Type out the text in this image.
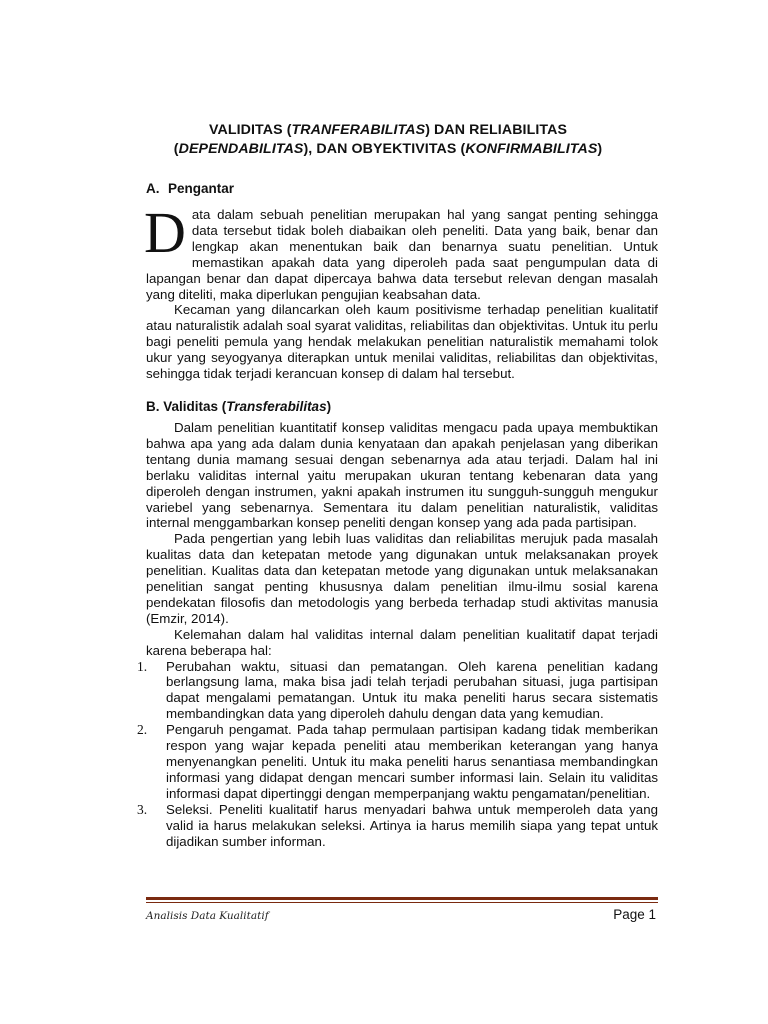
VALIDITAS (TRANFERABILITAS) DAN RELIABILITAS
(DEPENDABILITAS), DAN OBYEKTIVITAS (KONFIRMABILITAS)
A. Pengantar

Data dalam sebuah penelitian merupakan hal yang sangat penting sehingga data tersebut tidak boleh diabaikan oleh peneliti. Data yang baik, benar dan lengkap akan menentukan baik dan benarnya suatu penelitian. Untuk memastikan apakah data yang diperoleh pada saat pengumpulan data di lapangan benar dan dapat dipercaya bahwa data tersebut relevan dengan masalah yang diteliti, maka diperlukan pengujian keabsahan data.

Kecaman yang dilancarkan oleh kaum positivisme terhadap penelitian kualitatif atau naturalistik adalah soal syarat validitas, reliabilitas dan objektivitas. Untuk itu perlu bagi peneliti pemula yang hendak melakukan penelitian naturalistik memahami tolok ukur yang seyogyanya diterapkan untuk menilai validitas, reliabilitas dan objektivitas, sehingga tidak terjadi kerancuan konsep di dalam hal tersebut.

B. Validitas (Transferabilitas)

Dalam penelitian kuantitatif konsep validitas mengacu pada upaya membuktikan bahwa apa yang ada dalam dunia kenyataan dan apakah penjelasan yang diberikan tentang dunia mamang sesuai dengan sebenarnya ada atau terjadi. Dalam hal ini berlaku validitas internal yaitu merupakan ukuran tentang kebenaran data yang diperoleh dengan instrumen, yakni apakah instrumen itu sungguh-sungguh mengukur variebel yang sebenarnya. Sementara itu dalam penelitian naturalistik, validitas internal menggambarkan konsep peneliti dengan konsep yang ada pada partisipan.

Pada pengertian yang lebih luas validitas dan reliabilitas merujuk pada masalah kualitas data dan ketepatan metode yang digunakan untuk melaksanakan proyek penelitian. Kualitas data dan ketepatan metode yang digunakan untuk melaksanakan penelitian sangat penting khususnya dalam penelitian ilmu-ilmu sosial karena pendekatan filosofis dan metodologis yang berbeda terhadap studi aktivitas manusia (Emzir, 2014).

Kelemahan dalam hal validitas internal dalam penelitian kualitatif dapat terjadi karena beberapa hal:

1. Perubahan waktu, situasi dan pematangan. Oleh karena penelitian kadang berlangsung lama, maka bisa jadi telah terjadi perubahan situasi, juga partisipan dapat mengalami pematangan. Untuk itu maka peneliti harus secara sistematis membandingkan data yang diperoleh dahulu dengan data yang kemudian.
2. Pengaruh pengamat. Pada tahap permulaan partisipan kadang tidak memberikan respon yang wajar kepada peneliti atau memberikan keterangan yang hanya menyenangkan peneliti. Untuk itu maka peneliti harus senantiasa membandingkan informasi yang didapat dengan mencari sumber informasi lain. Selain itu validitas informasi dapat dipertinggi dengan memperpanjang waktu pengamatan/penelitian.
3. Seleksi. Peneliti kualitatif harus menyadari bahwa untuk memperoleh data yang valid ia harus melakukan seleksi. Artinya ia harus memilih siapa yang tepat untuk dijadikan sumber informan.
Analisis Data Kualitatif	Page 1
